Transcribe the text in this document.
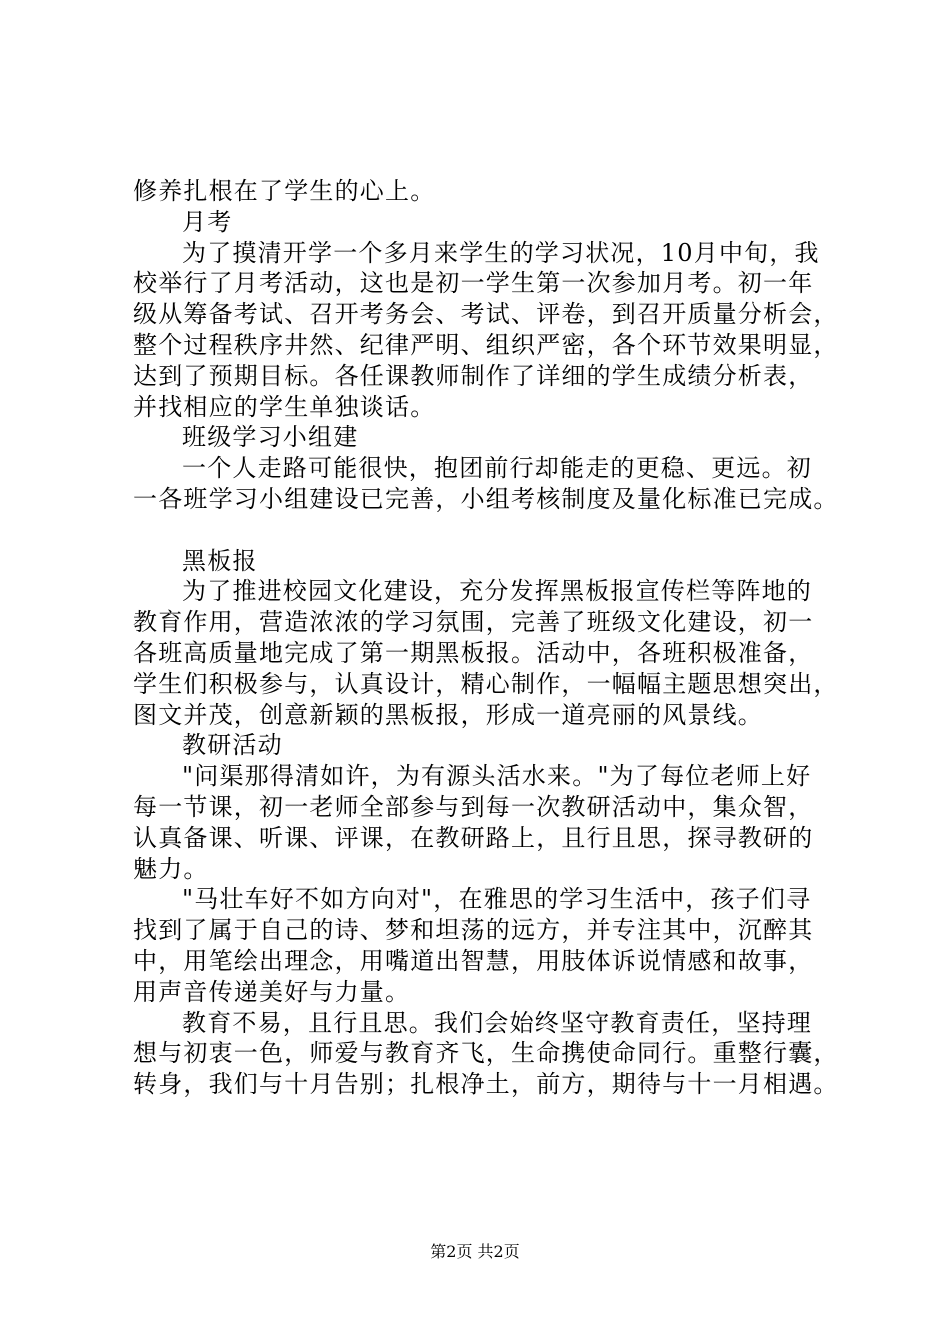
修养扎根在了学生的心上。
月考
为了摸清开学一个多月来学生的学习状况，10月中旬，我
校举行了月考活动，这也是初一学生第一次参加月考。初一年
级从筹备考试、召开考务会、考试、评卷，到召开质量分析会，
整个过程秩序井然、纪律严明、组织严密，各个环节效果明显，
达到了预期目标。各任课教师制作了详细的学生成绩分析表，
并找相应的学生单独谈话。
班级学习小组建
一个人走路可能很快，抱团前行却能走的更稳、更远。初
一各班学习小组建设已完善，小组考核制度及量化标准已完成。
黑板报
为了推进校园文化建设，充分发挥黑板报宣传栏等阵地的
教育作用，营造浓浓的学习氛围，完善了班级文化建设，初一
各班高质量地完成了第一期黑板报。活动中，各班积极准备，
学生们积极参与，认真设计，精心制作，一幅幅主题思想突出，
图文并茂，创意新颖的黑板报，形成一道亮丽的风景线。
教研活动
"问渠那得清如许，为有源头活水来。"为了每位老师上好
每一节课，初一老师全部参与到每一次教研活动中，集众智，
认真备课、听课、评课，在教研路上，且行且思，探寻教研的
魅力。
"马壮车好不如方向对"，在雅思的学习生活中，孩子们寻
找到了属于自己的诗、梦和坦荡的远方，并专注其中，沉醉其
中，用笔绘出理念，用嘴道出智慧，用肢体诉说情感和故事，
用声音传递美好与力量。
教育不易，且行且思。我们会始终坚守教育责任，坚持理
想与初衷一色，师爱与教育齐飞，生命携使命同行。重整行囊，
转身，我们与十月告别；扎根净土，前方，期待与十一月相遇。
第2页 共2页
